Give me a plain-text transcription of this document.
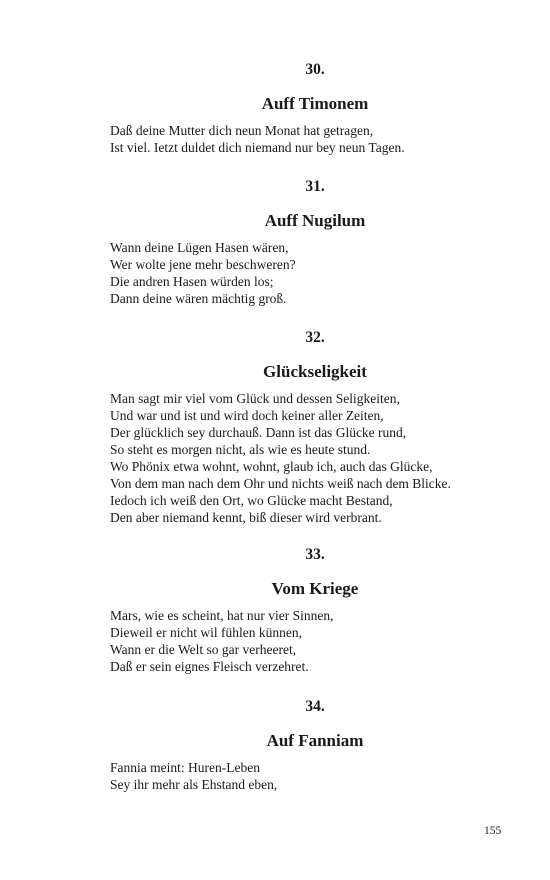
30.
Auff Timonem
Daß deine Mutter dich neun Monat hat getragen,
Ist viel. Ietzt duldet dich niemand nur bey neun Tagen.
31.
Auff Nugilum
Wann deine Lügen Hasen wären,
Wer wolte jene mehr beschweren?
Die andren Hasen würden los;
Dann deine wären mächtig groß.
32.
Glückseligkeit
Man sagt mir viel vom Glück und dessen Seligkeiten,
Und war und ist und wird doch keiner aller Zeiten,
Der glücklich sey durchauß. Dann ist das Glücke rund,
So steht es morgen nicht, als wie es heute stund.
Wo Phönix etwa wohnt, wohnt, glaub ich, auch das Glücke,
Von dem man nach dem Ohr und nichts weiß nach dem Blicke.
Iedoch ich weiß den Ort, wo Glücke macht Bestand,
Den aber niemand kennt, biß dieser wird verbrant.
33.
Vom Kriege
Mars, wie es scheint, hat nur vier Sinnen,
Dieweil er nicht wil fühlen künnen,
Wann er die Welt so gar verheeret,
Daß er sein eignes Fleisch verzehret.
34.
Auf Fanniam
Fannia meint: Huren-Leben
Sey ihr mehr als Ehstand eben,
155
